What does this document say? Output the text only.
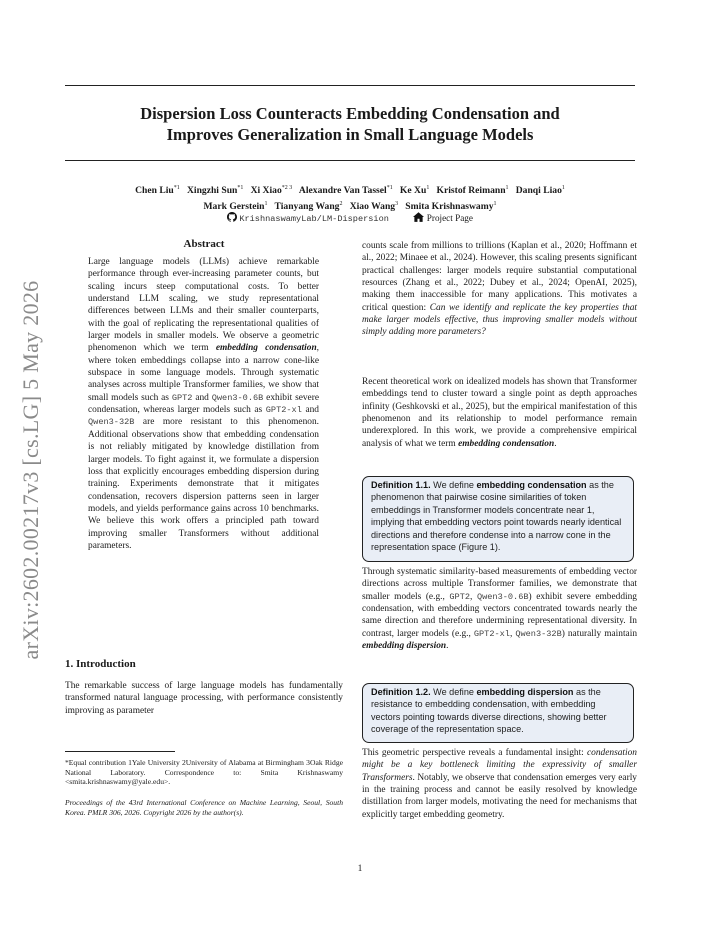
arXiv:2602.00217v3 [cs.LG] 5 May 2026
Dispersion Loss Counteracts Embedding Condensation and
Improves Generalization in Small Language Models
Chen Liu$^{*1}$ Xingzhi Sun$^{*1}$ Xi Xiao$^{*2 3}$ Alexandre Van Tassel$^{*1}$ Ke Xu$^1$ Kristof Reimann$^1$ Danqi Liao$^1$
Mark Gerstein$^1$ Tianyang Wang$^2$ Xiao Wang$^3$ Smita Krishnaswamy$^1$
KrishnaswamyLab/LM-Dispersion	Project Page
Abstract
Large language models (LLMs) achieve remarkable performance through ever-increasing parameter counts, but scaling incurs steep computational costs. To better understand LLM scaling, we study representational differences between LLMs and their smaller counterparts, with the goal of replicating the representational qualities of larger models in smaller models. We observe a geometric phenomenon which we term embedding condensation, where token embeddings collapse into a narrow cone-like subspace in some language models. Through systematic analyses across multiple Transformer families, we show that small models such as GPT2 and Qwen3-0.6B exhibit severe condensation, whereas larger models such as GPT2-xl and Qwen3-32B are more resistant to this phenomenon. Additional observations show that embedding condensation is not reliably mitigated by knowledge distillation from larger models. To fight against it, we formulate a dispersion loss that explicitly encourages embedding dispersion during training. Experiments demonstrate that it mitigates condensation, recovers dispersion patterns seen in larger models, and yields performance gains across 10 benchmarks. We believe this work offers a principled path toward improving smaller Transformers without additional parameters.
1. Introduction

The remarkable success of large language models has fundamentally transformed natural language processing, with performance consistently improving as parameter

*Equal contribution 1Yale University 2University of Alabama at Birmingham 3Oak Ridge National Laboratory. Correspondence to: Smita Krishnaswamy <smita.krishnaswamy@yale.edu>.
Proceedings of the 43rd International Conference on Machine Learning, Seoul, South Korea. PMLR 306, 2026. Copyright 2026 by the author(s).

counts scale from millions to trillions (Kaplan et al., 2020; Hoffmann et al., 2022; Minaee et al., 2024). However, this scaling presents significant practical challenges: larger models require substantial computational resources (Zhang et al., 2022; Dubey et al., 2024; OpenAI, 2025), making them inaccessible for many applications. This motivates a critical question: Can we identify and replicate the key properties that make larger models effective, thus improving smaller models without simply adding more parameters?

Recent theoretical work on idealized models has shown that Transformer embeddings tend to cluster toward a single point as depth approaches infinity (Geshkovski et al., 2025), but the empirical manifestation of this phenomenon and its relationship to model performance remain underexplored. In this work, we provide a comprehensive empirical analysis of what we term embedding condensation.

Definition 1.1. We define embedding condensation as the phenomenon that pairwise cosine similarities of token embeddings in Transformer models concentrate near 1, implying that embedding vectors point towards nearly identical directions and therefore condense into a narrow cone in the representation space (Figure 1).

Through systematic similarity-based measurements of embedding vector directions across multiple Transformer families, we demonstrate that smaller models (e.g., GPT2, Qwen3-0.6B) exhibit severe embedding condensation, with embedding vectors concentrated towards nearly the same direction and therefore undermining representational diversity. In contrast, larger models (e.g., GPT2-xl, Qwen3-32B) naturally maintain embedding dispersion.

Definition 1.2. We define embedding dispersion as the resistance to embedding condensation, with embedding vectors pointing towards diverse directions, showing better coverage of the representation space.

This geometric perspective reveals a fundamental insight: condensation might be a key bottleneck limiting the expressivity of smaller Transformers. Notably, we observe that condensation emerges very early in the training process and cannot be easily resolved by knowledge distillation from larger models, motivating the need for mechanisms that explicitly target embedding geometry.

1
